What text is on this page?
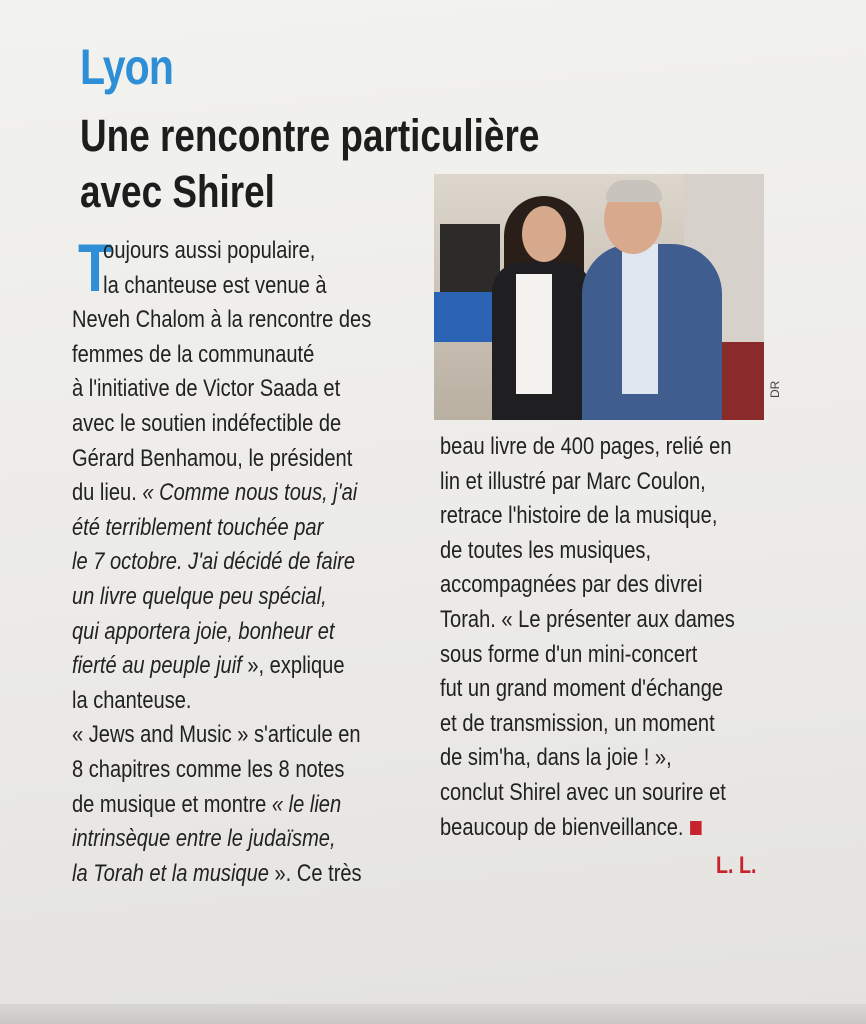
Lyon
Une rencontre particulière
avec Shirel
T
oujours aussi populaire,
la chanteuse est venue à
Neveh Chalom à la rencontre des
femmes de la communauté
à l'initiative de Victor Saada et
avec le soutien indéfectible de
Gérard Benhamou, le président
du lieu. « Comme nous tous, j'ai
été terriblement touchée par
le 7 octobre. J'ai décidé de faire
un livre quelque peu spécial,
qui apportera joie, bonheur et
fierté au peuple juif », explique
la chanteuse.
« Jews and Music » s'articule en
8 chapitres comme les 8 notes
de musique et montre « le lien
intrinsèque entre le judaïsme,
la Torah et la musique ». Ce très
DR
beau livre de 400 pages, relié en
lin et illustré par Marc Coulon,
retrace l'histoire de la musique,
de toutes les musiques,
accompagnées par des divrei
Torah. « Le présenter aux dames
sous forme d'un mini-concert
fut un grand moment d'échange
et de transmission, un moment
de sim'ha, dans la joie ! »,
conclut Shirel avec un sourire et
beaucoup de bienveillance.
L. L.
